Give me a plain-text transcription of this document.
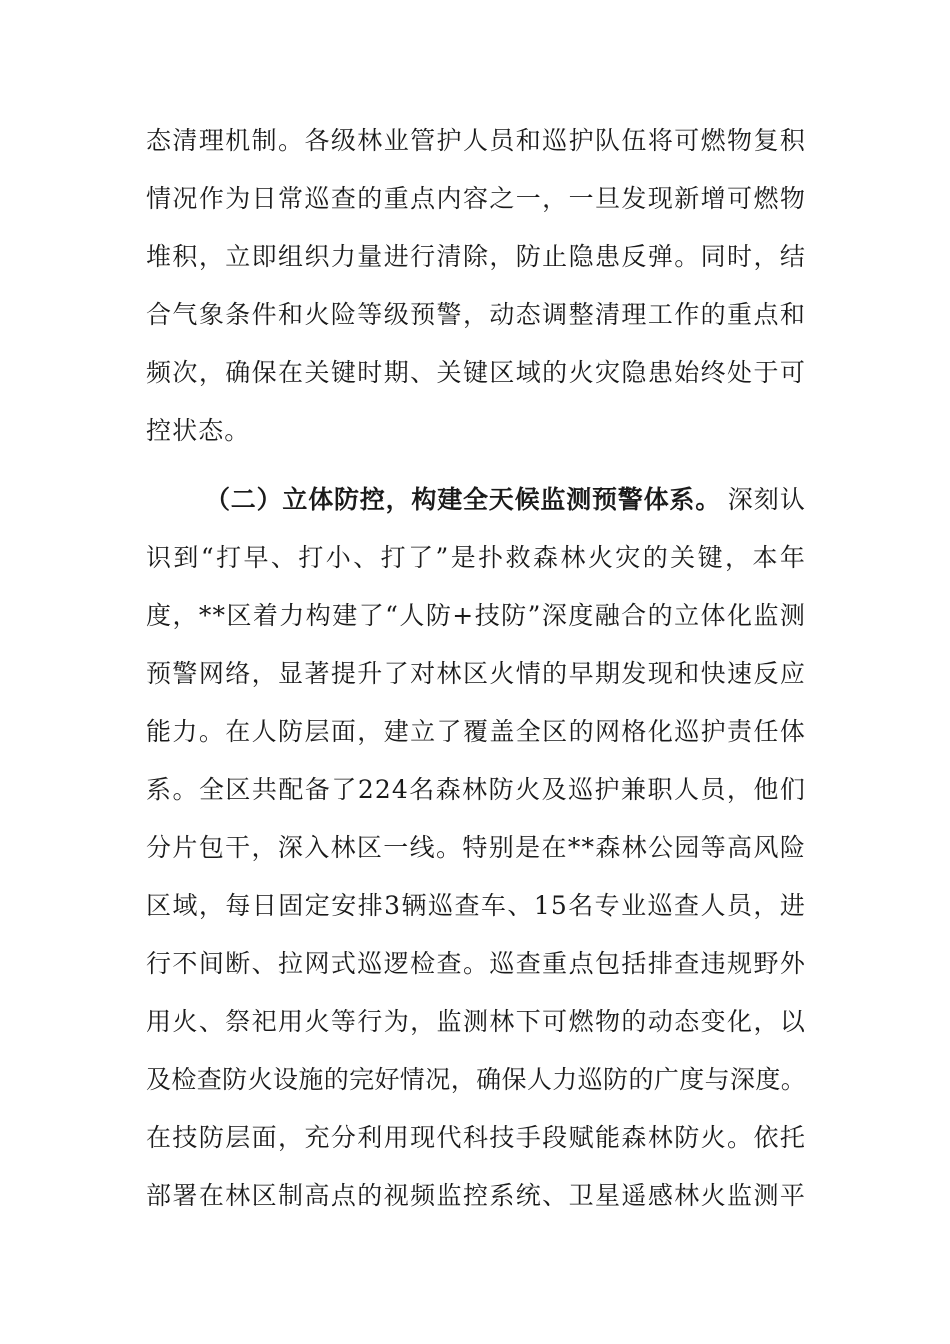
态清理机制。各级林业管护人员和巡护队伍将可燃物复积
情况作为日常巡查的重点内容之一，一旦发现新增可燃物
堆积，立即组织力量进行清除，防止隐患反弹。同时，结
合气象条件和火险等级预警，动态调整清理工作的重点和
频次，确保在关键时期、关键区域的火灾隐患始终处于可
控状态。
（二）立体防控，构建全天候监测预警体系。 深刻认
识到“打早、打小、打了”是扑救森林火灾的关键，本年
度，**区着力构建了“人防+技防”深度融合的立体化监测
预警网络，显著提升了对林区火情的早期发现和快速反应
能力。在人防层面，建立了覆盖全区的网格化巡护责任体
系。全区共配备了224名森林防火及巡护兼职人员，他们
分片包干，深入林区一线。特别是在**森林公园等高风险
区域，每日固定安排3辆巡查车、15名专业巡查人员，进
行不间断、拉网式巡逻检查。巡查重点包括排查违规野外
用火、祭祀用火等行为，监测林下可燃物的动态变化，以
及检查防火设施的完好情况，确保人力巡防的广度与深度。
在技防层面，充分利用现代科技手段赋能森林防火。依托
部署在林区制高点的视频监控系统、卫星遥感林火监测平
